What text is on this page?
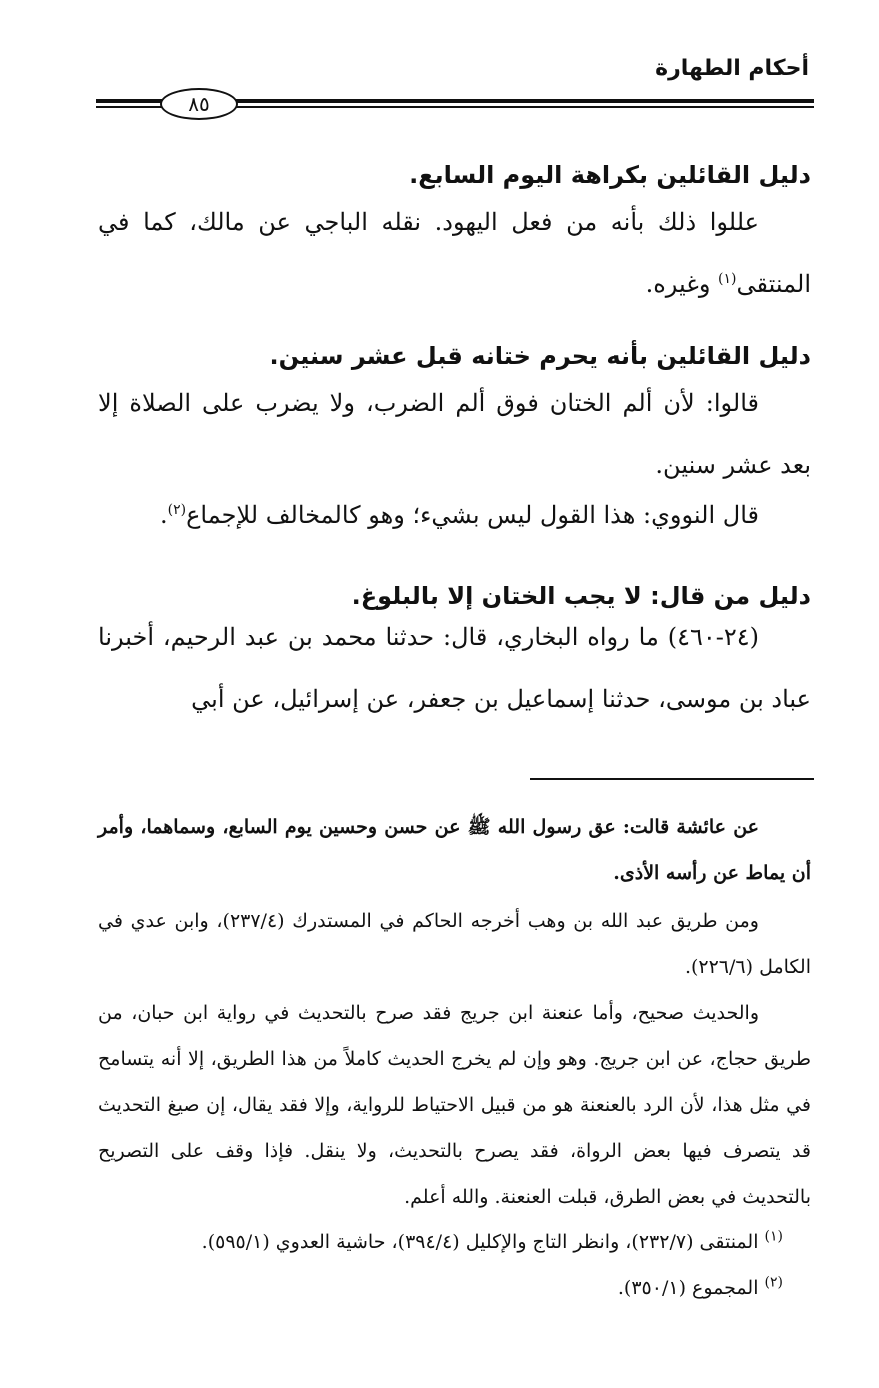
أحكام الطهارة
٨٥
دليل القائلين بكراهة اليوم السابع.
عللوا ذلك بأنه من فعل اليهود. نقله الباجي عن مالك، كما في المنتقى$^{(١)}$ وغيره.
دليل القائلين بأنه يحرم ختانه قبل عشر سنين.
قالوا: لأن ألم الختان فوق ألم الضرب، ولا يضرب على الصلاة إلا بعد عشر سنين.
قال النووي: هذا القول ليس بشيء؛ وهو كالمخالف للإجماع$^{(٢)}$.
دليل من قال: لا يجب الختان إلا بالبلوغ.
(٢٤-٤٦٠) ما رواه البخاري، قال: حدثنا محمد بن عبد الرحيم، أخبرنا عباد بن موسى، حدثنا إسماعيل بن جعفر، عن إسرائيل، عن أبي
عن عائشة قالت: عق رسول الله ﷺ عن حسن وحسين يوم السابع، وسماهما، وأمر أن يماط عن رأسه الأذى.
ومن طريق عبد الله بن وهب أخرجه الحاكم في المستدرك (٢٣٧/٤)، وابن عدي في الكامل (٢٢٦/٦).
والحديث صحيح، وأما عنعنة ابن جريج فقد صرح بالتحديث في رواية ابن حبان، من طريق حجاج، عن ابن جريج. وهو وإن لم يخرج الحديث كاملاً من هذا الطريق، إلا أنه يتسامح في مثل هذا، لأن الرد بالعنعنة هو من قبيل الاحتياط للرواية، وإلا فقد يقال، إن صيغ التحديث قد يتصرف فيها بعض الرواة، فقد يصرح بالتحديث، ولا ينقل. فإذا وقف على التصريح بالتحديث في بعض الطرق، قبلت العنعنة. والله أعلم.
$^{(١)}$ المنتقى (٢٣٢/٧)، وانظر التاج والإكليل (٣٩٤/٤)، حاشية العدوي (٥٩٥/١).
$^{(٢)}$ المجموع (٣٥٠/١).
